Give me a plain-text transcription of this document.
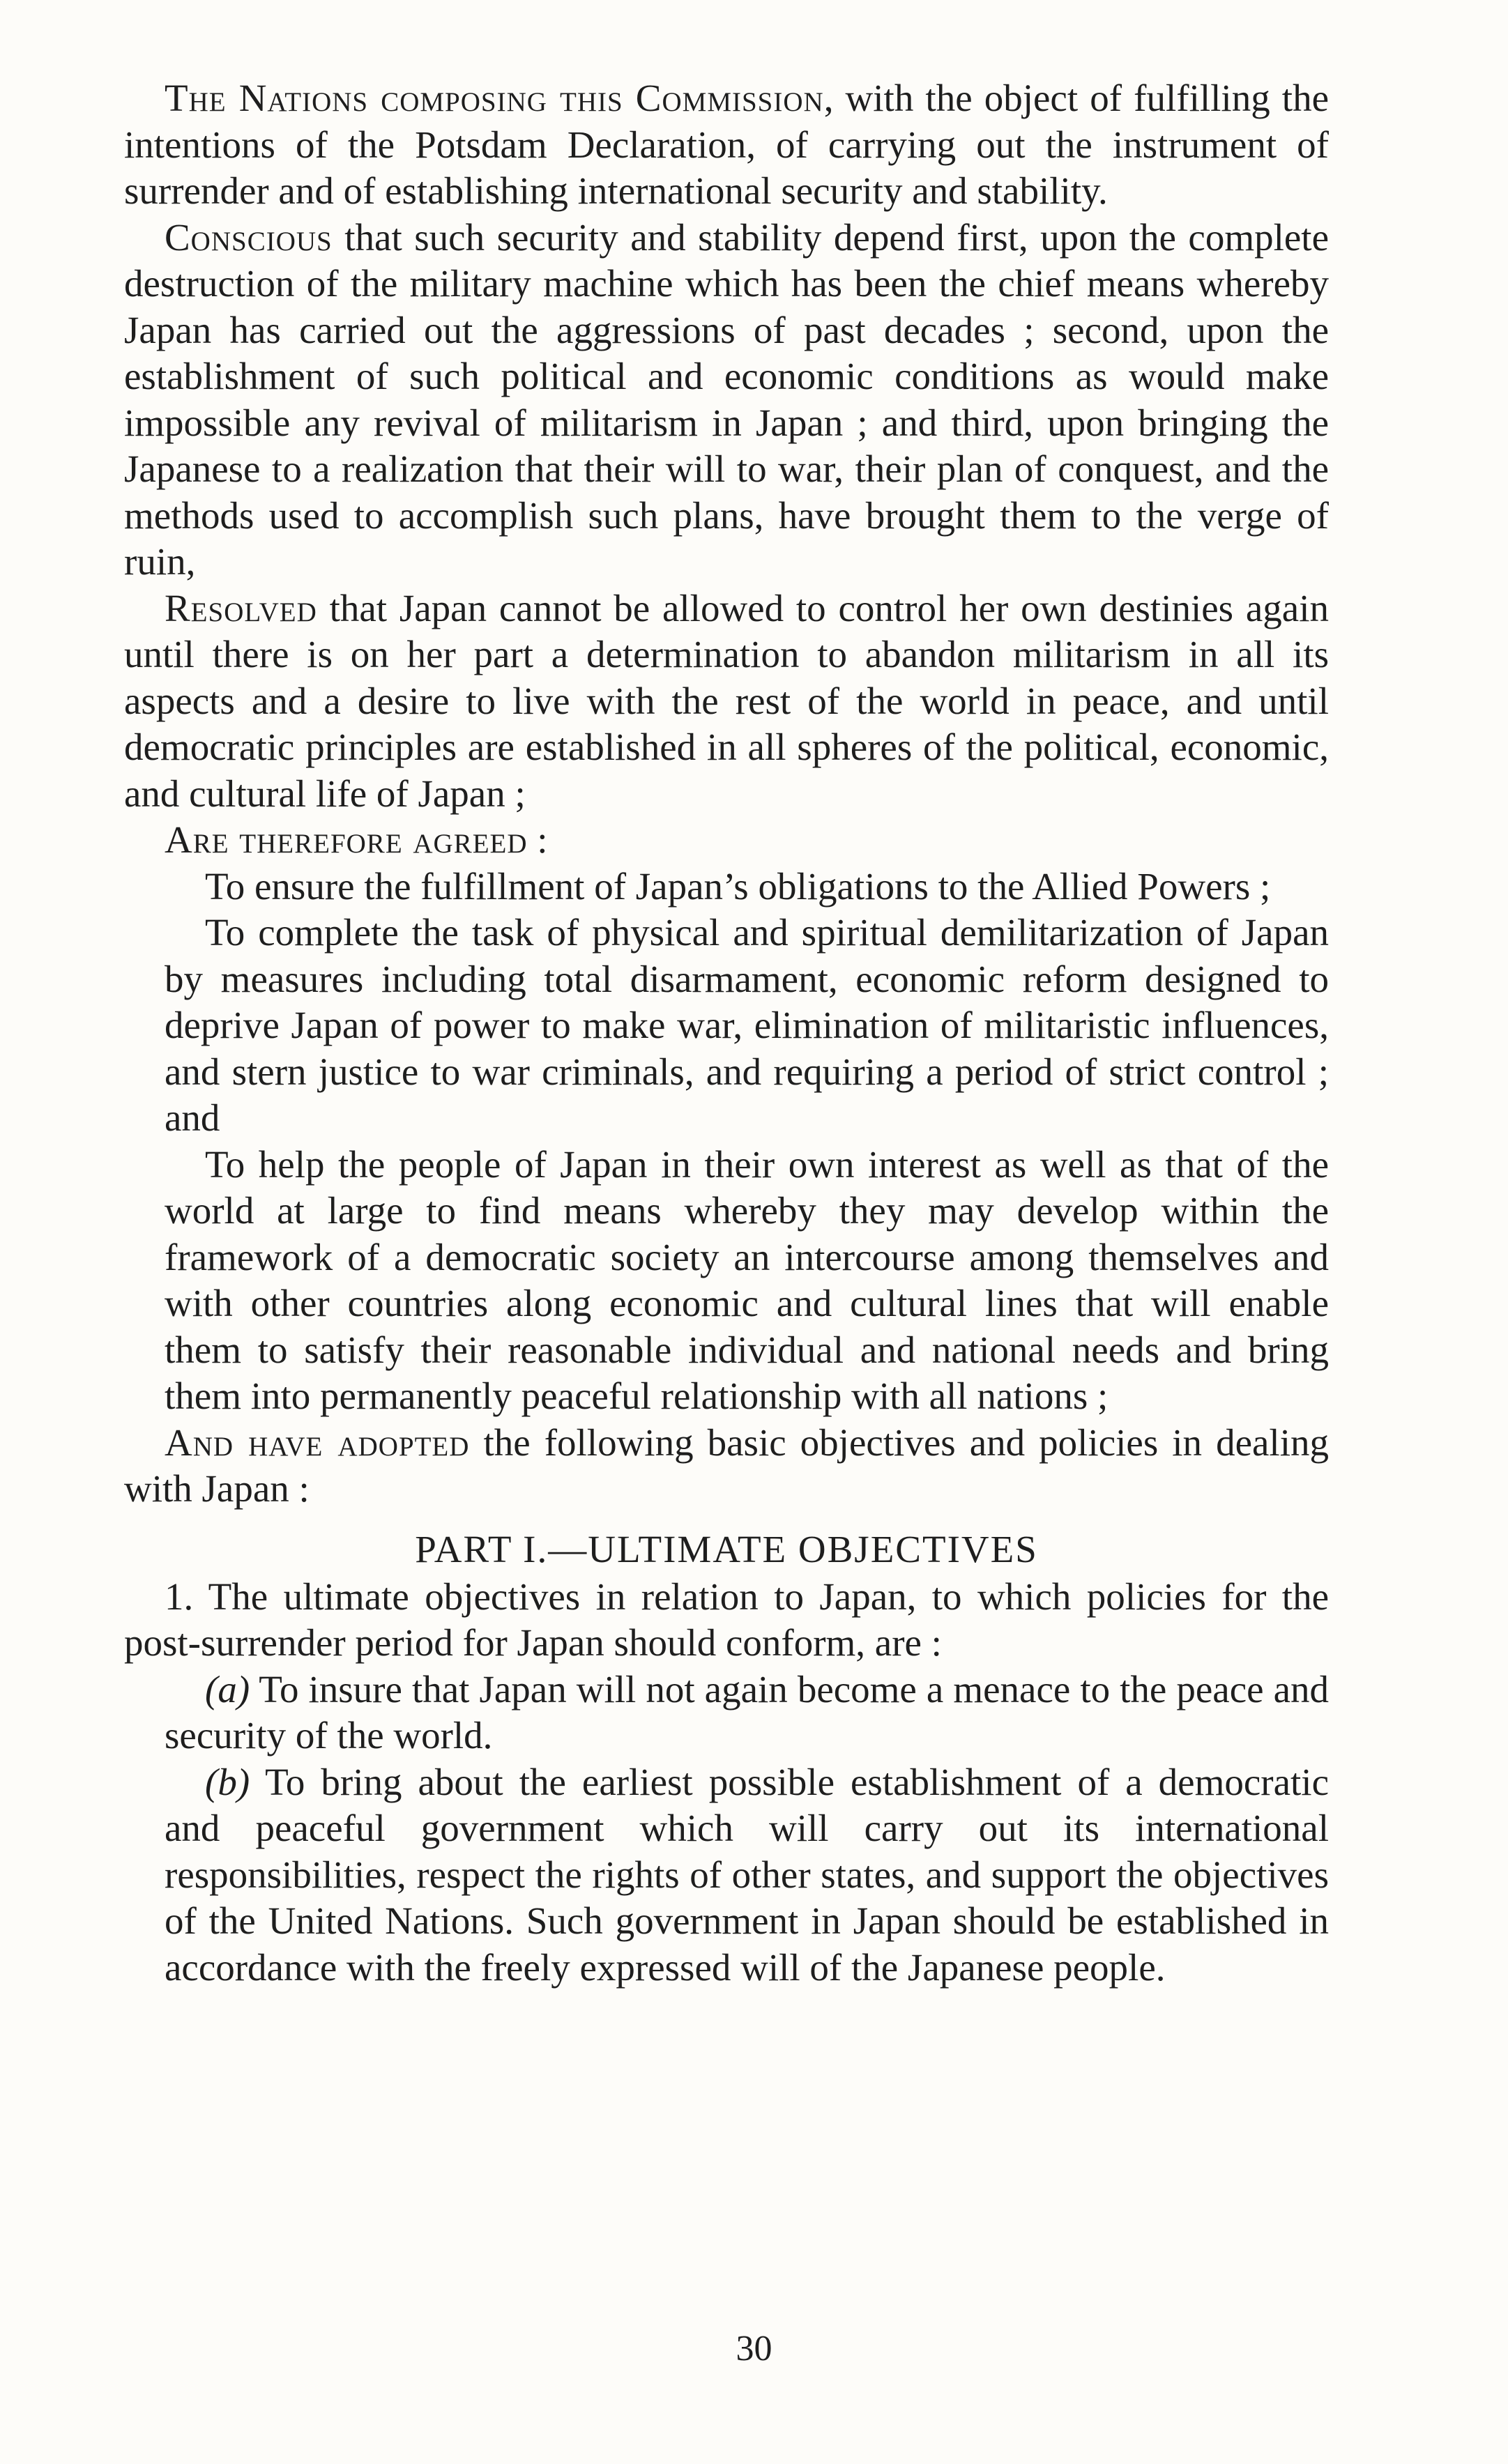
The Nations composing this Commission, with the object of fulfilling the intentions of the Potsdam Declaration, of carrying out the instrument of surrender and of establishing international security and stability.

Conscious that such security and stability depend first, upon the complete destruction of the military machine which has been the chief means whereby Japan has carried out the aggressions of past decades ; second, upon the establishment of such political and economic conditions as would make impossible any revival of militarism in Japan ; and third, upon bringing the Japanese to a realization that their will to war, their plan of conquest, and the methods used to accomplish such plans, have brought them to the verge of ruin,

Resolved that Japan cannot be allowed to control her own destinies again until there is on her part a determination to abandon militarism in all its aspects and a desire to live with the rest of the world in peace, and until democratic principles are established in all spheres of the political, economic, and cultural life of Japan ;

Are therefore agreed :

To ensure the fulfillment of Japan’s obligations to the Allied Powers ;

To complete the task of physical and spiritual demilitarization of Japan by measures including total disarmament, economic reform designed to deprive Japan of power to make war, elimination of militaristic influences, and stern justice to war criminals, and requiring a period of strict control ; and

To help the people of Japan in their own interest as well as that of the world at large to find means whereby they may develop within the framework of a democratic society an intercourse among themselves and with other countries along economic and cultural lines that will enable them to satisfy their reasonable individual and national needs and bring them into permanently peaceful relationship with all nations ;

And have adopted the following basic objectives and policies in dealing with Japan :

PART I.—ULTIMATE OBJECTIVES

1. The ultimate objectives in relation to Japan, to which policies for the post-surrender period for Japan should conform, are :

(a) To insure that Japan will not again become a menace to the peace and security of the world.

(b) To bring about the earliest possible establishment of a democratic and peaceful government which will carry out its international responsibilities, respect the rights of other states, and support the objectives of the United Nations. Such government in Japan should be established in accordance with the freely expressed will of the Japanese people.

30
